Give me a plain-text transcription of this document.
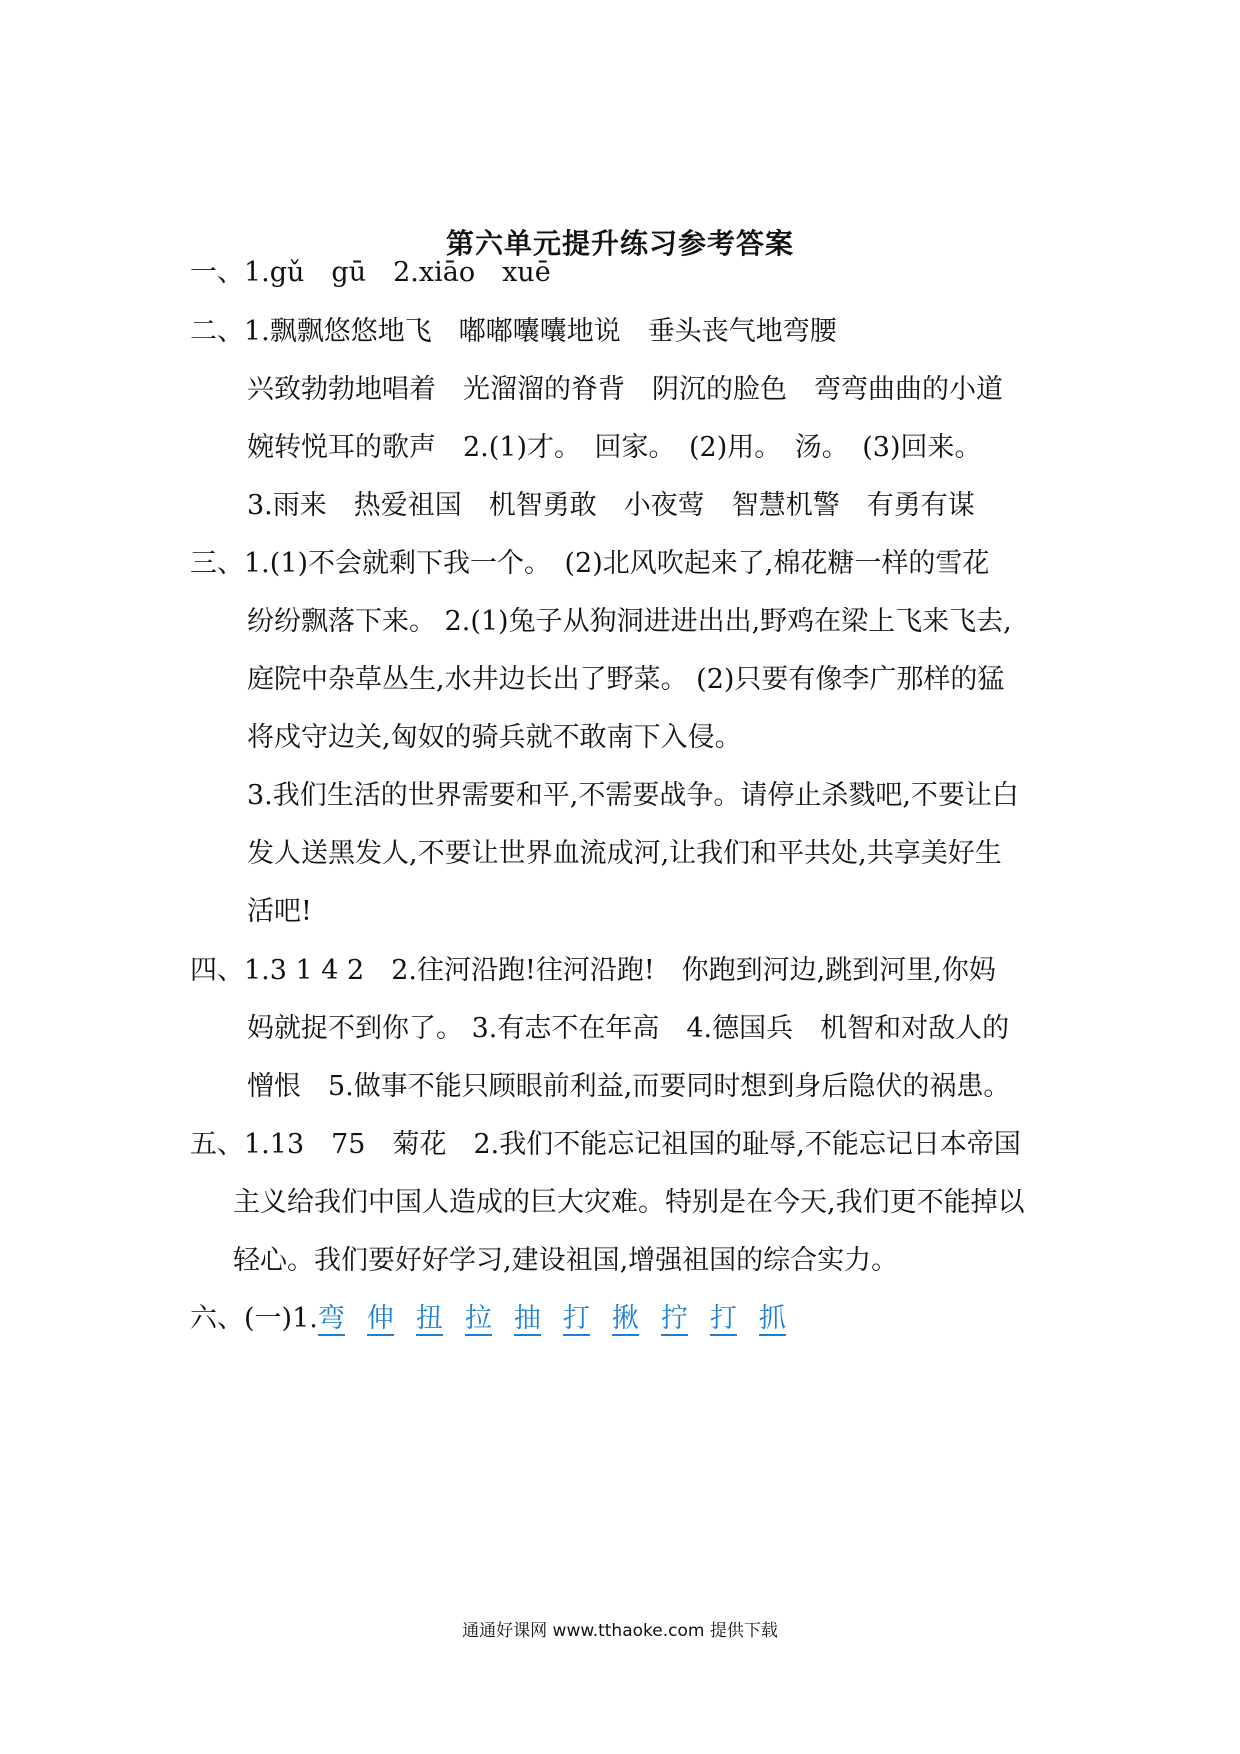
第六单元提升练习参考答案
一、1.gǔ　gū　2.xiāo　xuē
二、1.飘飘悠悠地飞　嘟嘟囔囔地说　垂头丧气地弯腰
兴致勃勃地唱着　光溜溜的脊背　阴沉的脸色　弯弯曲曲的小道
婉转悦耳的歌声　2.(1)才。　回家。　(2)用。　汤。　(3)回来。
3.雨来　热爱祖国　机智勇敢　小夜莺　智慧机警　有勇有谋
三、1.(1)不会就剩下我一个。　(2)北风吹起来了,棉花糖一样的雪花
纷纷飘落下来。 2.(1)兔子从狗洞进进出出,野鸡在梁上飞来飞去,
庭院中杂草丛生,水井边长出了野菜。 (2)只要有像李广那样的猛
将戍守边关,匈奴的骑兵就不敢南下入侵。
3.我们生活的世界需要和平,不需要战争。请停止杀戮吧,不要让白
发人送黑发人,不要让世界血流成河,让我们和平共处,共享美好生
活吧!
四、1.3 1 4 2　2.往河沿跑!往河沿跑!　你跑到河边,跳到河里,你妈
妈就捉不到你了。 3.有志不在年高　4.德国兵　机智和对敌人的
憎恨　5.做事不能只顾眼前利益,而要同时想到身后隐伏的祸患。
五、1.13　75　菊花　2.我们不能忘记祖国的耻辱,不能忘记日本帝国
主义给我们中国人造成的巨大灾难。特别是在今天,我们更不能掉以
轻心。我们要好好学习,建设祖国,增强祖国的综合实力。
六、(一)1.弯 伸 扭 拉 抽 打 揪 拧 打 抓
通通好课网 www.tthaoke.com 提供下载
